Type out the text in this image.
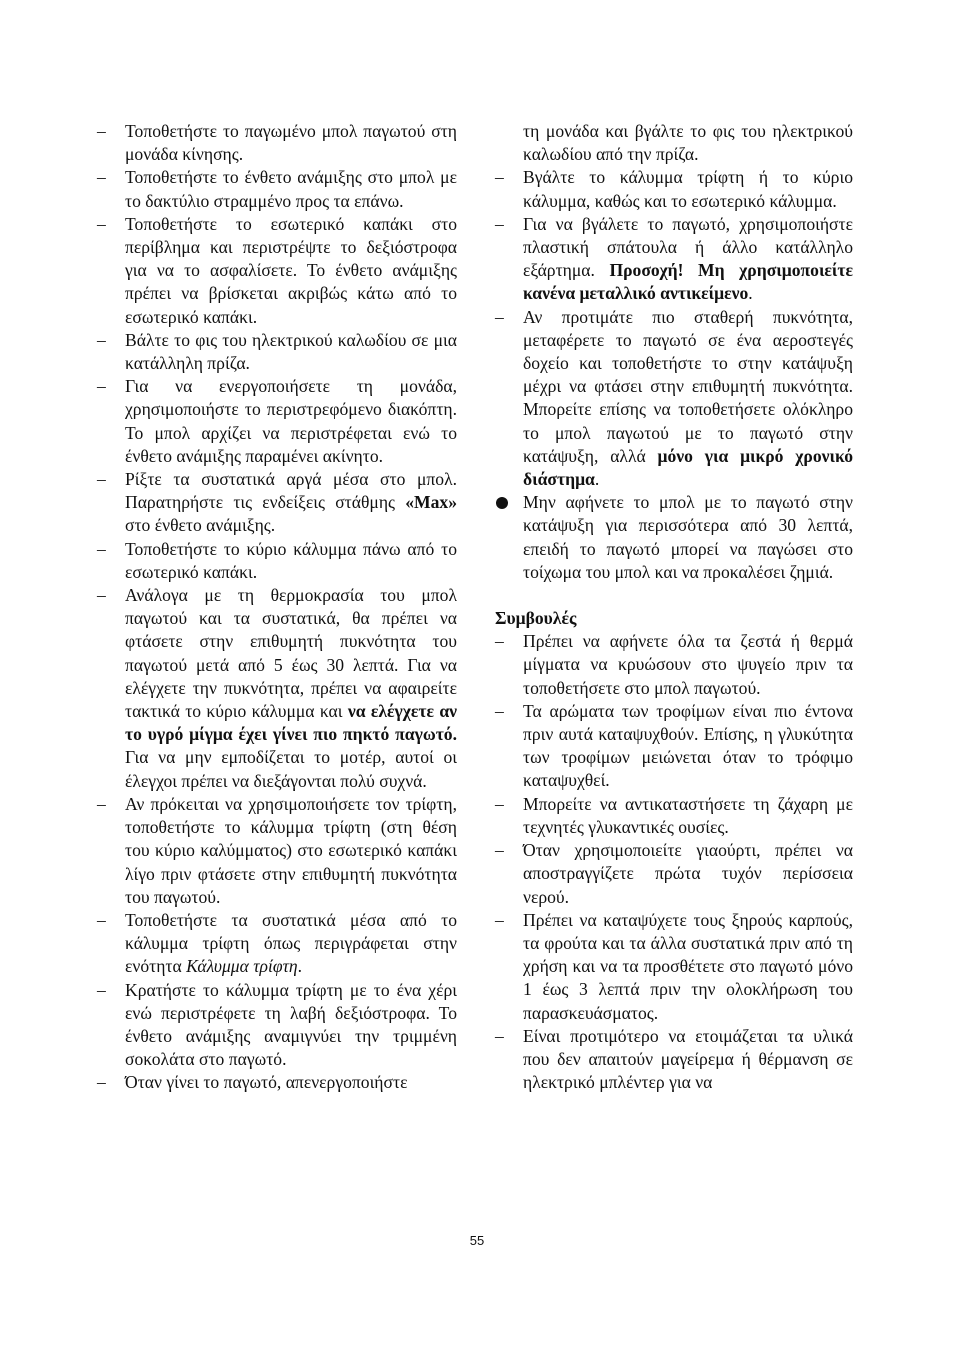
–	Τοποθετήστε το παγωμένο μπολ παγωτού στη μονάδα κίνησης.
–	Τοποθετήστε το ένθετο ανάμιξης στο μπολ με το δακτύλιο στραμμένο προς τα επάνω.
–	Τοποθετήστε το εσωτερικό καπάκι στο περίβλημα και περιστρέψτε το δεξιόστροφα για να το ασφαλίσετε. Το ένθετο ανάμιξης πρέπει να βρίσκεται ακριβώς κάτω από το εσωτερικό καπάκι.
–	Βάλτε το φις του ηλεκτρικού καλωδίου σε μια κατάλληλη πρίζα.
–	Για να ενεργοποιήσετε τη μονάδα, χρησιμοποιήστε το περιστρεφόμενο διακόπτη. Το μπολ αρχίζει να περιστρέφεται ενώ το ένθετο ανάμιξης παραμένει ακίνητο.
–	Ρίξτε τα συστατικά αργά μέσα στο μπολ. Παρατηρήστε τις ενδείξεις στάθμης «Max» στο ένθετο ανάμιξης.
–	Τοποθετήστε το κύριο κάλυμμα πάνω από το εσωτερικό καπάκι.
–	Ανάλογα με τη θερμοκρασία του μπολ παγωτού και τα συστατικά, θα πρέπει να φτάσετε στην επιθυμητή πυκνότητα του παγωτού μετά από 5 έως 30 λεπτά. Για να ελέγχετε την πυκνότητα, πρέπει να αφαιρείτε τακτικά το κύριο κάλυμμα και να ελέγχετε αν το υγρό μίγμα έχει γίνει πιο πηκτό παγωτό. Για να μην εμποδίζεται το μοτέρ, αυτοί οι έλεγχοι πρέπει να διεξάγονται πολύ συχνά.
–	Αν πρόκειται να χρησιμοποιήσετε τον τρίφτη, τοποθετήστε το κάλυμμα τρίφτη (στη θέση του κύριο καλύμματος) στο εσωτερικό καπάκι λίγο πριν φτάσετε στην επιθυμητή πυκνότητα του παγωτού.
–	Τοποθετήστε τα συστατικά μέσα από το κάλυμμα τρίφτη όπως περιγράφεται στην ενότητα Κάλυμμα τρίφτη.
–	Κρατήστε το κάλυμμα τρίφτη με το ένα χέρι ενώ περιστρέφετε τη λαβή δεξιόστροφα. Το ένθετο ανάμιξης αναμιγνύει την τριμμένη σοκολάτα στο παγωτό.
–	Όταν γίνει το παγωτό, απενεργοποιήστε
τη μονάδα και βγάλτε το φις του ηλεκτρικού καλωδίου από την πρίζα.
–	Βγάλτε το κάλυμμα τρίφτη ή το κύριο κάλυμμα, καθώς και το εσωτερικό κάλυμμα.
–	Για να βγάλετε το παγωτό, χρησιμοποιήστε πλαστική σπάτουλα ή άλλο κατάλληλο εξάρτημα. Προσοχή! Μη χρησιμοποιείτε κανένα μεταλλικό αντικείμενο.
–	Αν προτιμάτε πιο σταθερή πυκνότητα, μεταφέρετε το παγωτό σε ένα αεροστεγές δοχείο και τοποθετήστε το στην κατάψυξη μέχρι να φτάσει στην επιθυμητή πυκνότητα. Μπορείτε επίσης να τοποθετήσετε ολόκληρο το μπολ παγωτού με το παγωτό στην κατάψυξη, αλλά μόνο για μικρό χρονικό διάστημα.
Μην αφήνετε το μπολ με το παγωτό στην κατάψυξη για περισσότερα από 30 λεπτά, επειδή το παγωτό μπορεί να παγώσει στο τοίχωμα του μπολ και να προκαλέσει ζημιά.
Συμβουλές
–	Πρέπει να αφήνετε όλα τα ζεστά ή θερμά μίγματα να κρυώσουν στο ψυγείο πριν τα τοποθετήσετε στο μπολ παγωτού.
–	Τα αρώματα των τροφίμων είναι πιο έντονα πριν αυτά καταψυχθούν. Επίσης, η γλυκύτητα των τροφίμων μειώνεται όταν το τρόφιμο καταψυχθεί.
–	Μπορείτε να αντικαταστήσετε τη ζάχαρη με τεχνητές γλυκαντικές ουσίες.
–	Όταν χρησιμοποιείτε γιαούρτι, πρέπει να αποστραγγίζετε πρώτα τυχόν περίσσεια νερού.
–	Πρέπει να καταψύχετε τους ξηρούς καρπούς, τα φρούτα και τα άλλα συστατικά πριν από τη χρήση και να τα προσθέτετε στο παγωτό μόνο 1 έως 3 λεπτά πριν την ολοκλήρωση του παρασκευάσματος.
–	Είναι προτιμότερο να ετοιμάζεται τα υλικά που δεν απαιτούν μαγείρεμα ή θέρμανση σε ηλεκτρικό μπλέντερ για να
55
